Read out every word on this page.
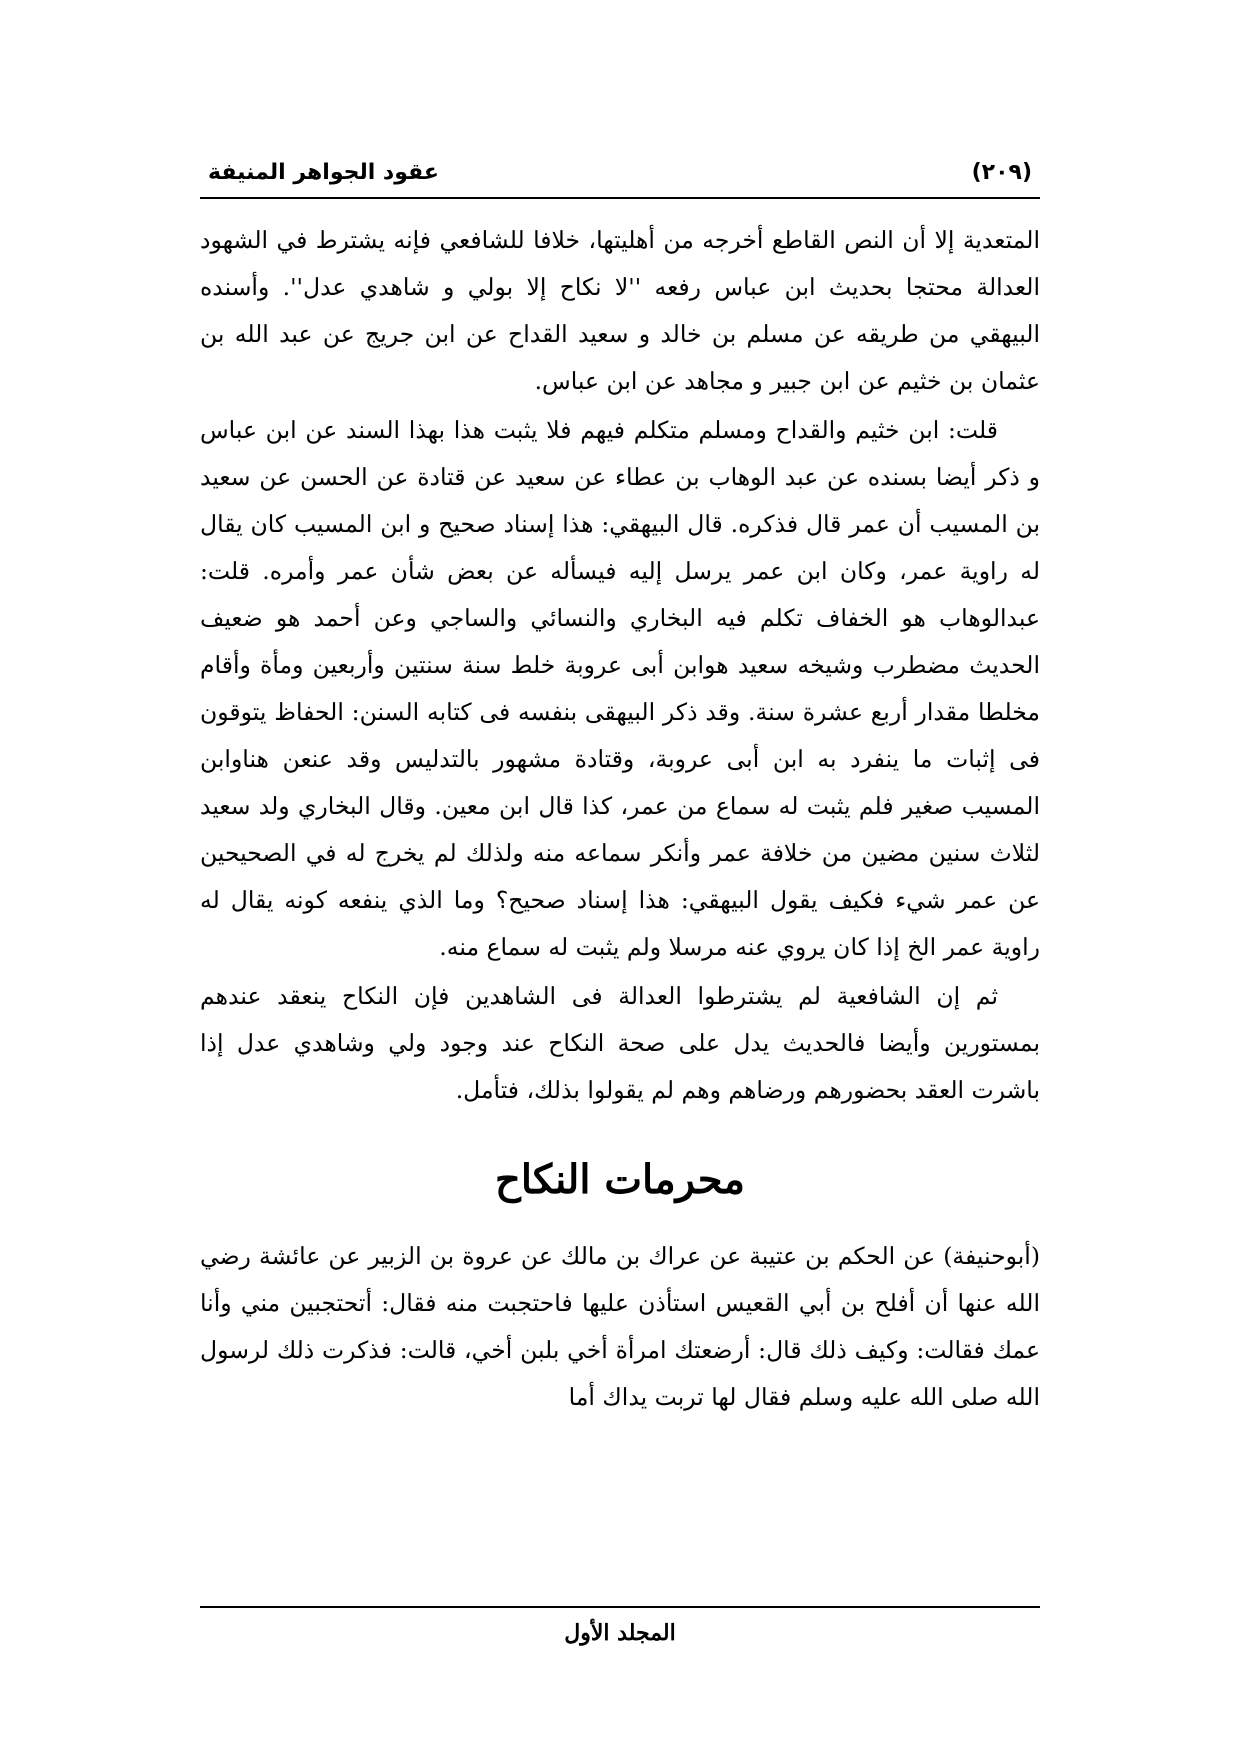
عقود الجواهر المنيفة	(٢٠٩)

المتعدية إلا أن النص القاطع أخرجه من أهليتها، خلافا للشافعي فإنه يشترط في الشهود العدالة محتجا بحديث ابن عباس رفعه ''لا نكاح إلا بولي و شاهدي عدل''. وأسنده البيهقي من طريقه عن مسلم بن خالد و سعيد القداح عن ابن جريج عن عبد الله بن عثمان بن خثيم عن ابن جبير و مجاهد عن ابن عباس.

قلت: ابن خثيم والقداح ومسلم متكلم فيهم فلا يثبت هذا بهذا السند عن ابن عباس و ذكر أيضا بسنده عن عبد الوهاب بن عطاء عن سعيد عن قتادة عن الحسن عن سعيد بن المسيب أن عمر قال فذكره. قال البيهقي: هذا إسناد صحيح و ابن المسيب كان يقال له راوية عمر، وكان ابن عمر يرسل إليه فيسأله عن بعض شأن عمر وأمره. قلت: عبدالوهاب هو الخفاف تكلم فيه البخاري والنسائي والساجي وعن أحمد هو ضعيف الحديث مضطرب وشيخه سعيد هوابن أبى عروبة خلط سنة سنتين وأربعين ومأة وأقام مخلطا مقدار أربع عشرة سنة. وقد ذكر البيهقى بنفسه فى كتابه السنن: الحفاظ يتوقون فى إثبات ما ينفرد به ابن أبى عروبة، وقتادة مشهور بالتدليس وقد عنعن هناوابن المسيب صغير فلم يثبت له سماع من عمر، كذا قال ابن معين. وقال البخاري ولد سعيد لثلاث سنين مضين من خلافة عمر وأنكر سماعه منه ولذلك لم يخرج له في الصحيحين عن عمر شيء فكيف يقول البيهقي: هذا إسناد صحيح؟ وما الذي ينفعه كونه يقال له راوية عمر الخ إذا كان يروي عنه مرسلا ولم يثبت له سماع منه.

ثم إن الشافعية لم يشترطوا العدالة فى الشاهدين فإن النكاح ينعقد عندهم بمستورين وأيضا فالحديث يدل على صحة النكاح عند وجود ولي وشاهدي عدل إذا باشرت العقد بحضورهم ورضاهم وهم لم يقولوا بذلك، فتأمل.

محرمات النكاح

(أبوحنيفة) عن الحكم بن عتيبة عن عراك بن مالك عن عروة بن الزبير عن عائشة رضي الله عنها أن أفلح بن أبي القعيس استأذن عليها فاحتجبت منه فقال: أتحتجبين مني وأنا عمك فقالت: وكيف ذلك قال: أرضعتك امرأة أخي بلبن أخي، قالت: فذكرت ذلك لرسول الله صلى الله عليه وسلم فقال لها تربت يداك أما

المجلد الأول
